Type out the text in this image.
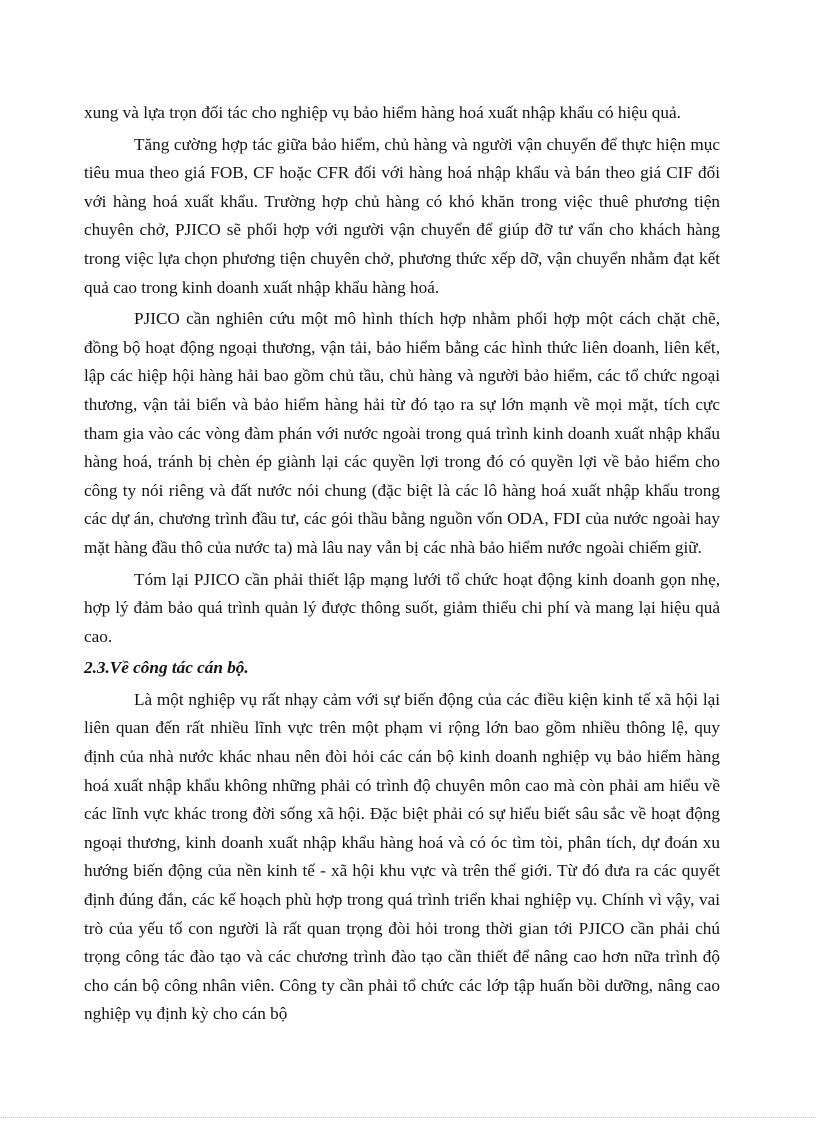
xung và lựa trọn đối tác cho nghiệp vụ bảo hiểm hàng hoá xuất nhập khẩu có hiệu quả.

Tăng cường hợp tác giữa bảo hiểm, chủ hàng và người vận chuyển để thực hiện mục tiêu mua theo giá FOB, CF hoặc CFR đối với hàng hoá nhập khẩu và bán theo giá CIF đối với hàng hoá xuất khẩu. Trường hợp chủ hàng có khó khăn trong việc thuê phương tiện chuyên chở, PJICO sẽ phối hợp với người vận chuyển để giúp đỡ tư vấn cho khách hàng trong việc lựa chọn phương tiện chuyên chở, phương thức xếp dỡ, vận chuyển nhằm đạt kết quả cao trong kinh doanh xuất nhập khẩu hàng hoá.

PJICO cần nghiên cứu một mô hình thích hợp nhằm phối hợp một cách chặt chẽ, đồng bộ hoạt động ngoại thương, vận tải, bảo hiểm bằng các hình thức liên doanh, liên kết, lập các hiệp hội hàng hải bao gồm chủ tầu, chủ hàng và người bảo hiểm, các tổ chức ngoại thương, vận tải biển và bảo hiểm hàng hải từ đó tạo ra sự lớn mạnh về mọi mặt, tích cực tham gia vào các vòng đàm phán với nước ngoài trong quá trình kinh doanh xuất nhập khẩu hàng hoá, tránh bị chèn ép giành lại các quyền lợi trong đó có quyền lợi về bảo hiểm cho công ty nói riêng và đất nước nói chung (đặc biệt là các lô hàng hoá xuất nhập khẩu trong các dự án, chương trình đầu tư, các gói thầu bằng nguồn vốn ODA, FDI của nước ngoài hay mặt hàng đầu thô của nước ta) mà lâu nay vẫn bị các nhà bảo hiểm nước ngoài chiếm giữ.

Tóm lại PJICO cần phải thiết lập mạng lưới tổ chức hoạt động kinh doanh gọn nhẹ, hợp lý đảm bảo quá trình quản lý được thông suốt, giảm thiểu chi phí và mang lại hiệu quả cao.

2.3.Về công tác cán bộ.

Là một nghiệp vụ rất nhạy cảm với sự biến động của các điều kiện kinh tế xã hội lại liên quan đến rất nhiều lĩnh vực trên một phạm vi rộng lớn bao gồm nhiều thông lệ, quy định của nhà nước khác nhau nên đòi hỏi các cán bộ kinh doanh nghiệp vụ bảo hiểm hàng hoá xuất nhập khẩu không những phải có trình độ chuyên môn cao mà còn phải am hiểu về các lĩnh vực khác trong đời sống xã hội. Đặc biệt phải có sự hiểu biết sâu sắc về hoạt động ngoại thương, kinh doanh xuất nhập khẩu hàng hoá và có óc tìm tòi, phân tích, dự đoán xu hướng biến động của nền kinh tế - xã hội khu vực và trên thế giới. Từ đó đưa ra các quyết định đúng đắn, các kế hoạch phù hợp trong quá trình triển khai nghiệp vụ. Chính vì vậy, vai trò của yếu tố con người là rất quan trọng đòi hỏi trong thời gian tới PJICO cần phải chú trọng công tác đào tạo và các chương trình đào tạo cần thiết để nâng cao hơn nữa trình độ cho cán bộ công nhân viên. Công ty cần phải tổ chức các lớp tập huấn bồi dưỡng, nâng cao nghiệp vụ định kỳ cho cán bộ
